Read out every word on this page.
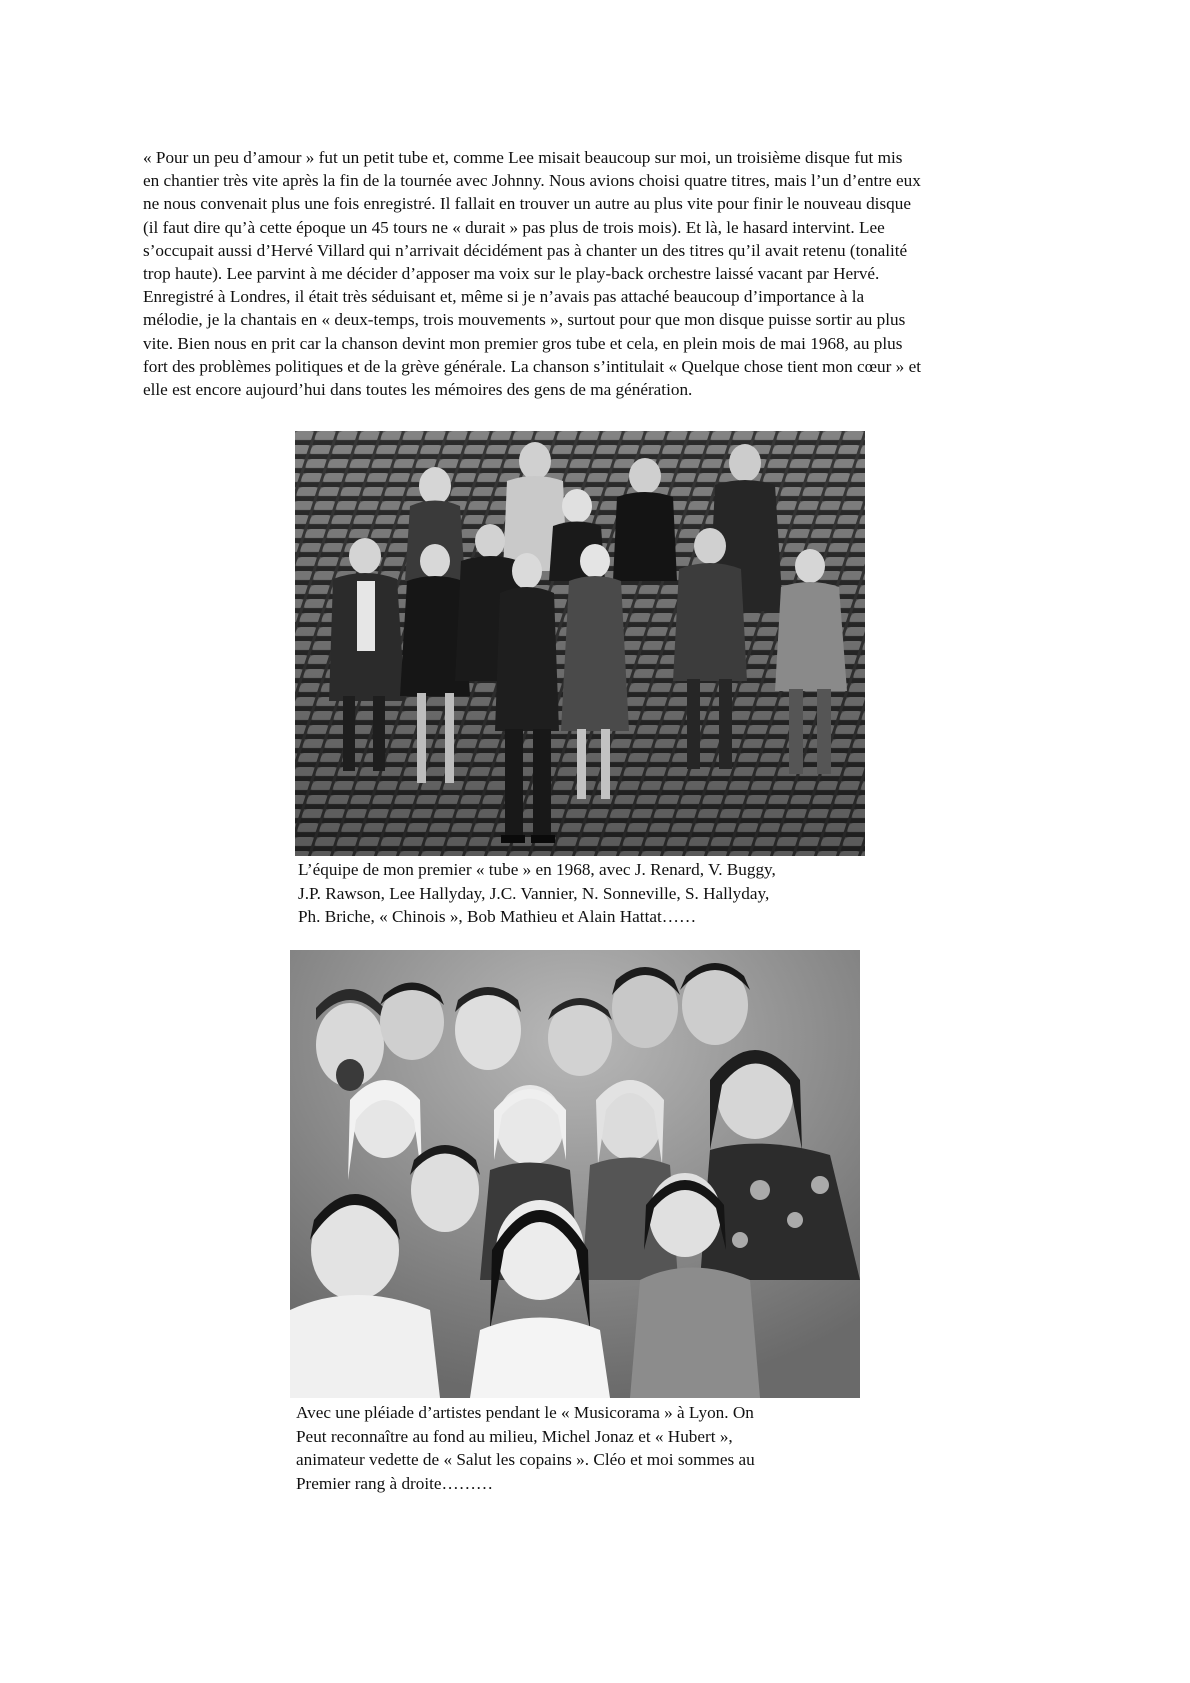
« Pour un peu d’amour » fut un petit tube et, comme Lee misait beaucoup sur moi, un troisième disque fut mis
en chantier très vite après la fin de la tournée avec Johnny. Nous avions choisi quatre titres, mais l’un d’entre eux
ne nous convenait plus une fois enregistré. Il fallait en trouver un autre au plus vite pour finir le nouveau disque
(il faut dire qu’à cette époque un 45 tours ne « durait » pas plus de trois mois). Et là, le hasard intervint. Lee
s’occupait aussi d’Hervé Villard qui n’arrivait décidément pas à chanter un des titres qu’il avait retenu (tonalité
trop haute). Lee parvint à me décider d’apposer ma voix sur le play-back orchestre laissé vacant par Hervé.
Enregistré à Londres, il était très séduisant et, même si je n’avais pas attaché beaucoup d’importance à la
mélodie, je la chantais en « deux-temps, trois mouvements », surtout pour que mon disque puisse sortir au plus
vite. Bien nous en prit car la chanson devint mon premier gros tube et cela, en plein mois de mai 1968, au plus
fort des problèmes politiques et de la grève générale. La chanson s’intitulait « Quelque chose tient mon cœur » et
elle est encore aujourd’hui dans toutes les mémoires des gens de ma génération.

L’équipe de mon premier « tube » en 1968, avec J. Renard, V. Buggy,
J.P. Rawson, Lee Hallyday, J.C. Vannier, N. Sonneville, S. Hallyday,
Ph. Briche, « Chinois », Bob Mathieu et Alain Hattat……

Avec une pléiade d’artistes pendant le « Musicorama » à Lyon. On
Peut reconnaître au fond au milieu, Michel Jonaz et « Hubert »,
animateur vedette de « Salut les copains ». Cléo et moi sommes au
Premier rang à droite………
